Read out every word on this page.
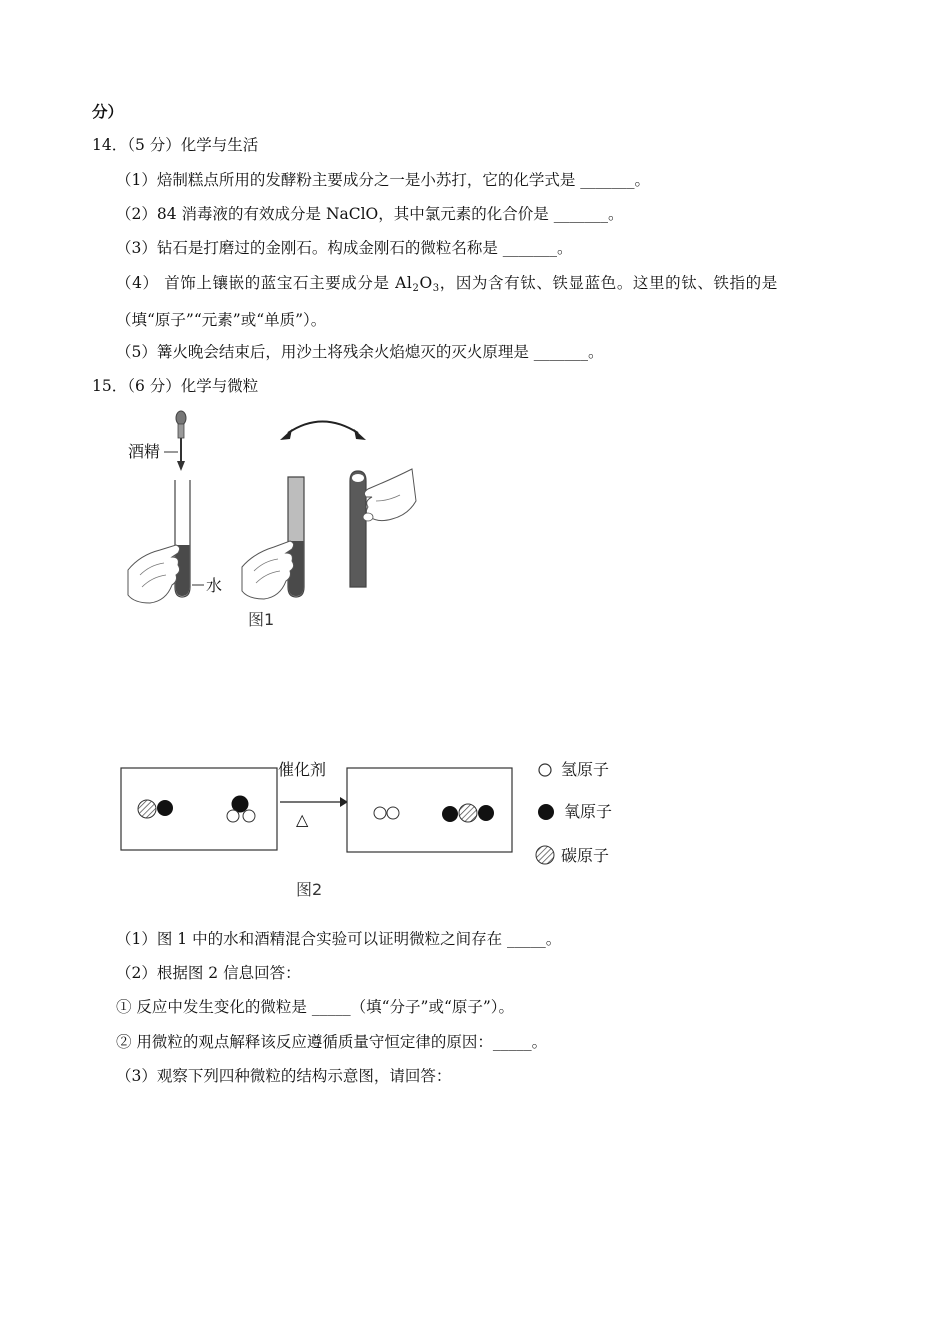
分）
14．（5 分）化学与生活
（1）焙制糕点所用的发酵粉主要成分之一是小苏打，它的化学式是 _______。
（2）84 消毒液的有效成分是 NaClO，其中氯元素的化合价是 _______。
（3）钻石是打磨过的金刚石。构成金刚石的微粒名称是 _______。
（4） 首饰上镶嵌的蓝宝石主要成分是 $Al_2O_3$，因为含有钛、铁显蓝色。这里的钛、铁指的是
（填“原子”“元素”或“单质”）。
（5）篝火晚会结束后，用沙土将残余火焰熄灭的灭火原理是 _______。
15．（6 分）化学与微粒
酒精
水
图1
催化剂
△
氢原子
氧原子
碳原子
图2
（1）图 1 中的水和酒精混合实验可以证明微粒之间存在 _____。
（2）根据图 2 信息回答：
① 反应中发生变化的微粒是 _____（填“分子”或“原子”）。
② 用微粒的观点解释该反应遵循质量守恒定律的原因：_____。
（3）观察下列四种微粒的结构示意图，请回答：
